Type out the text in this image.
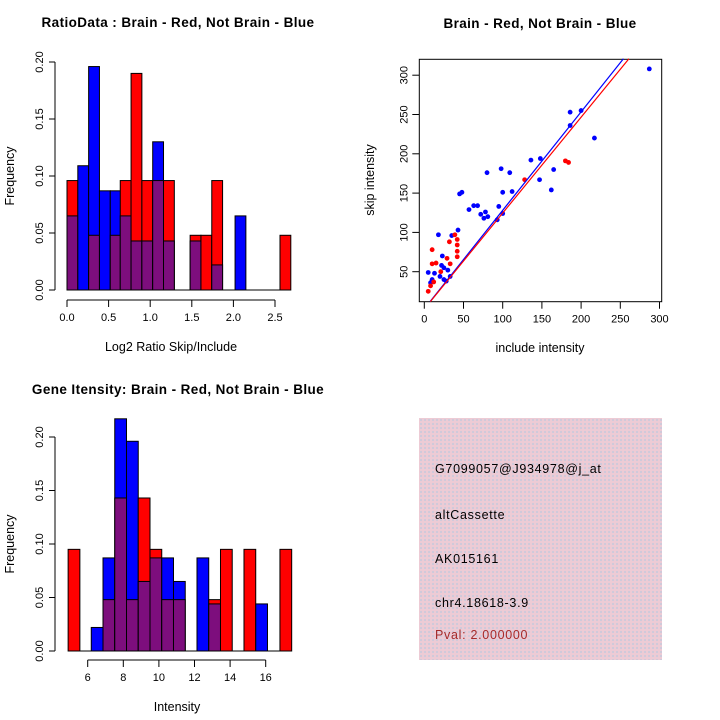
RatioData : Brain - Red, Not Brain - Blue
Log2 Ratio Skip/Include
Frequency
0.0 0.5 1.0 1.5 2.0 2.5
0.00
0.05
0.10
0.15
0.20
Brain - Red, Not Brain - Blue
include intensity
skip intensity
0	50 100 150 200 250 300
50
100
150
200
250
300
Gene Itensity: Brain - Red, Not Brain - Blue
Intensity
Frequency
6	8 10 12 14 16
0.00
0.05
0.10
0.15
0.20
G7099057@J934978@j_at
altCassette
AK015161
chr4.18618-3.9
Pval: 2.000000
